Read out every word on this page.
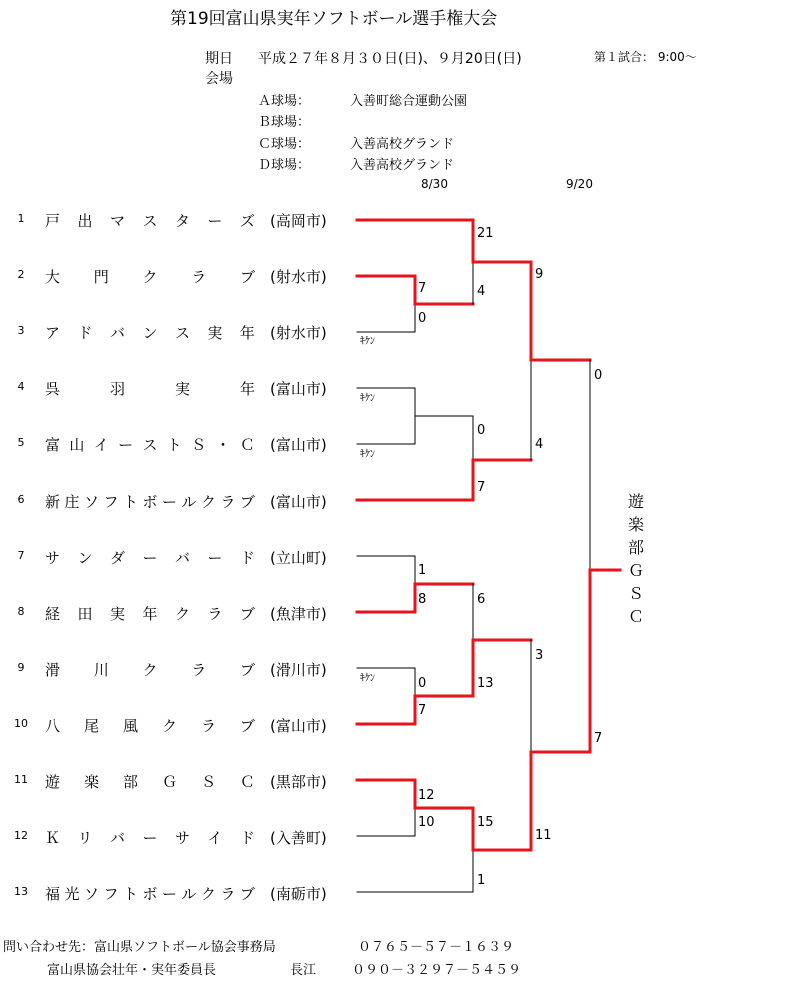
第19回富山県実年ソフトボール選手権大会
期日 平成２７年８月３０日(日)、９月20日(日)	第１試合： 9:00～
会場
Ａ球場：	入善町総合運動公園
Ｂ球場：
Ｃ球場：	入善高校グランド
Ｄ球場：	入善高校グランド
8/30	9/20
1	戸 出 マ ス タ ー ズ (高岡市)
2	大 門 ク ラ ブ (射水市)
3	ア ド バ ン ス 実 年 (射水市)
4	呉	羽	実	年 (富山市)
5	富 山 イ ー ス ト Ｓ ・ Ｃ (富山市)
6	新 庄 ソ フ ト ボ ー ル ク ラ ブ (富山市)
7	サ ン ダ ー バ ー ド (立山町)
8	経 田 実 年 ク ラ ブ (魚津市)
9	滑 川 ク ラ ブ (滑川市)
10 八 尾 風 ク ラ ブ (富山市)
11 遊 楽 部 Ｇ Ｓ Ｃ (黒部市)
12 Ｋ リ バ ー サ イ ド (入善町)
13 福 光 ソ フ ト ボ ー ル ク ラ ブ (南砺市)
21
7
0
4
9
0
7
4
0
1
8	6
0
7
13
3
12
10	15
1
11
7
ｷｹﾝ
ｷｹﾝ
ｷｹﾝ
ｷｹﾝ
遊楽部ＧＳＣ
問い合わせ先：富山県ソフトボール協会事務局	０７６５－５７－１６３９
富山県協会壮年・実年委員長	長江	０９０－３２９７－５４５９
